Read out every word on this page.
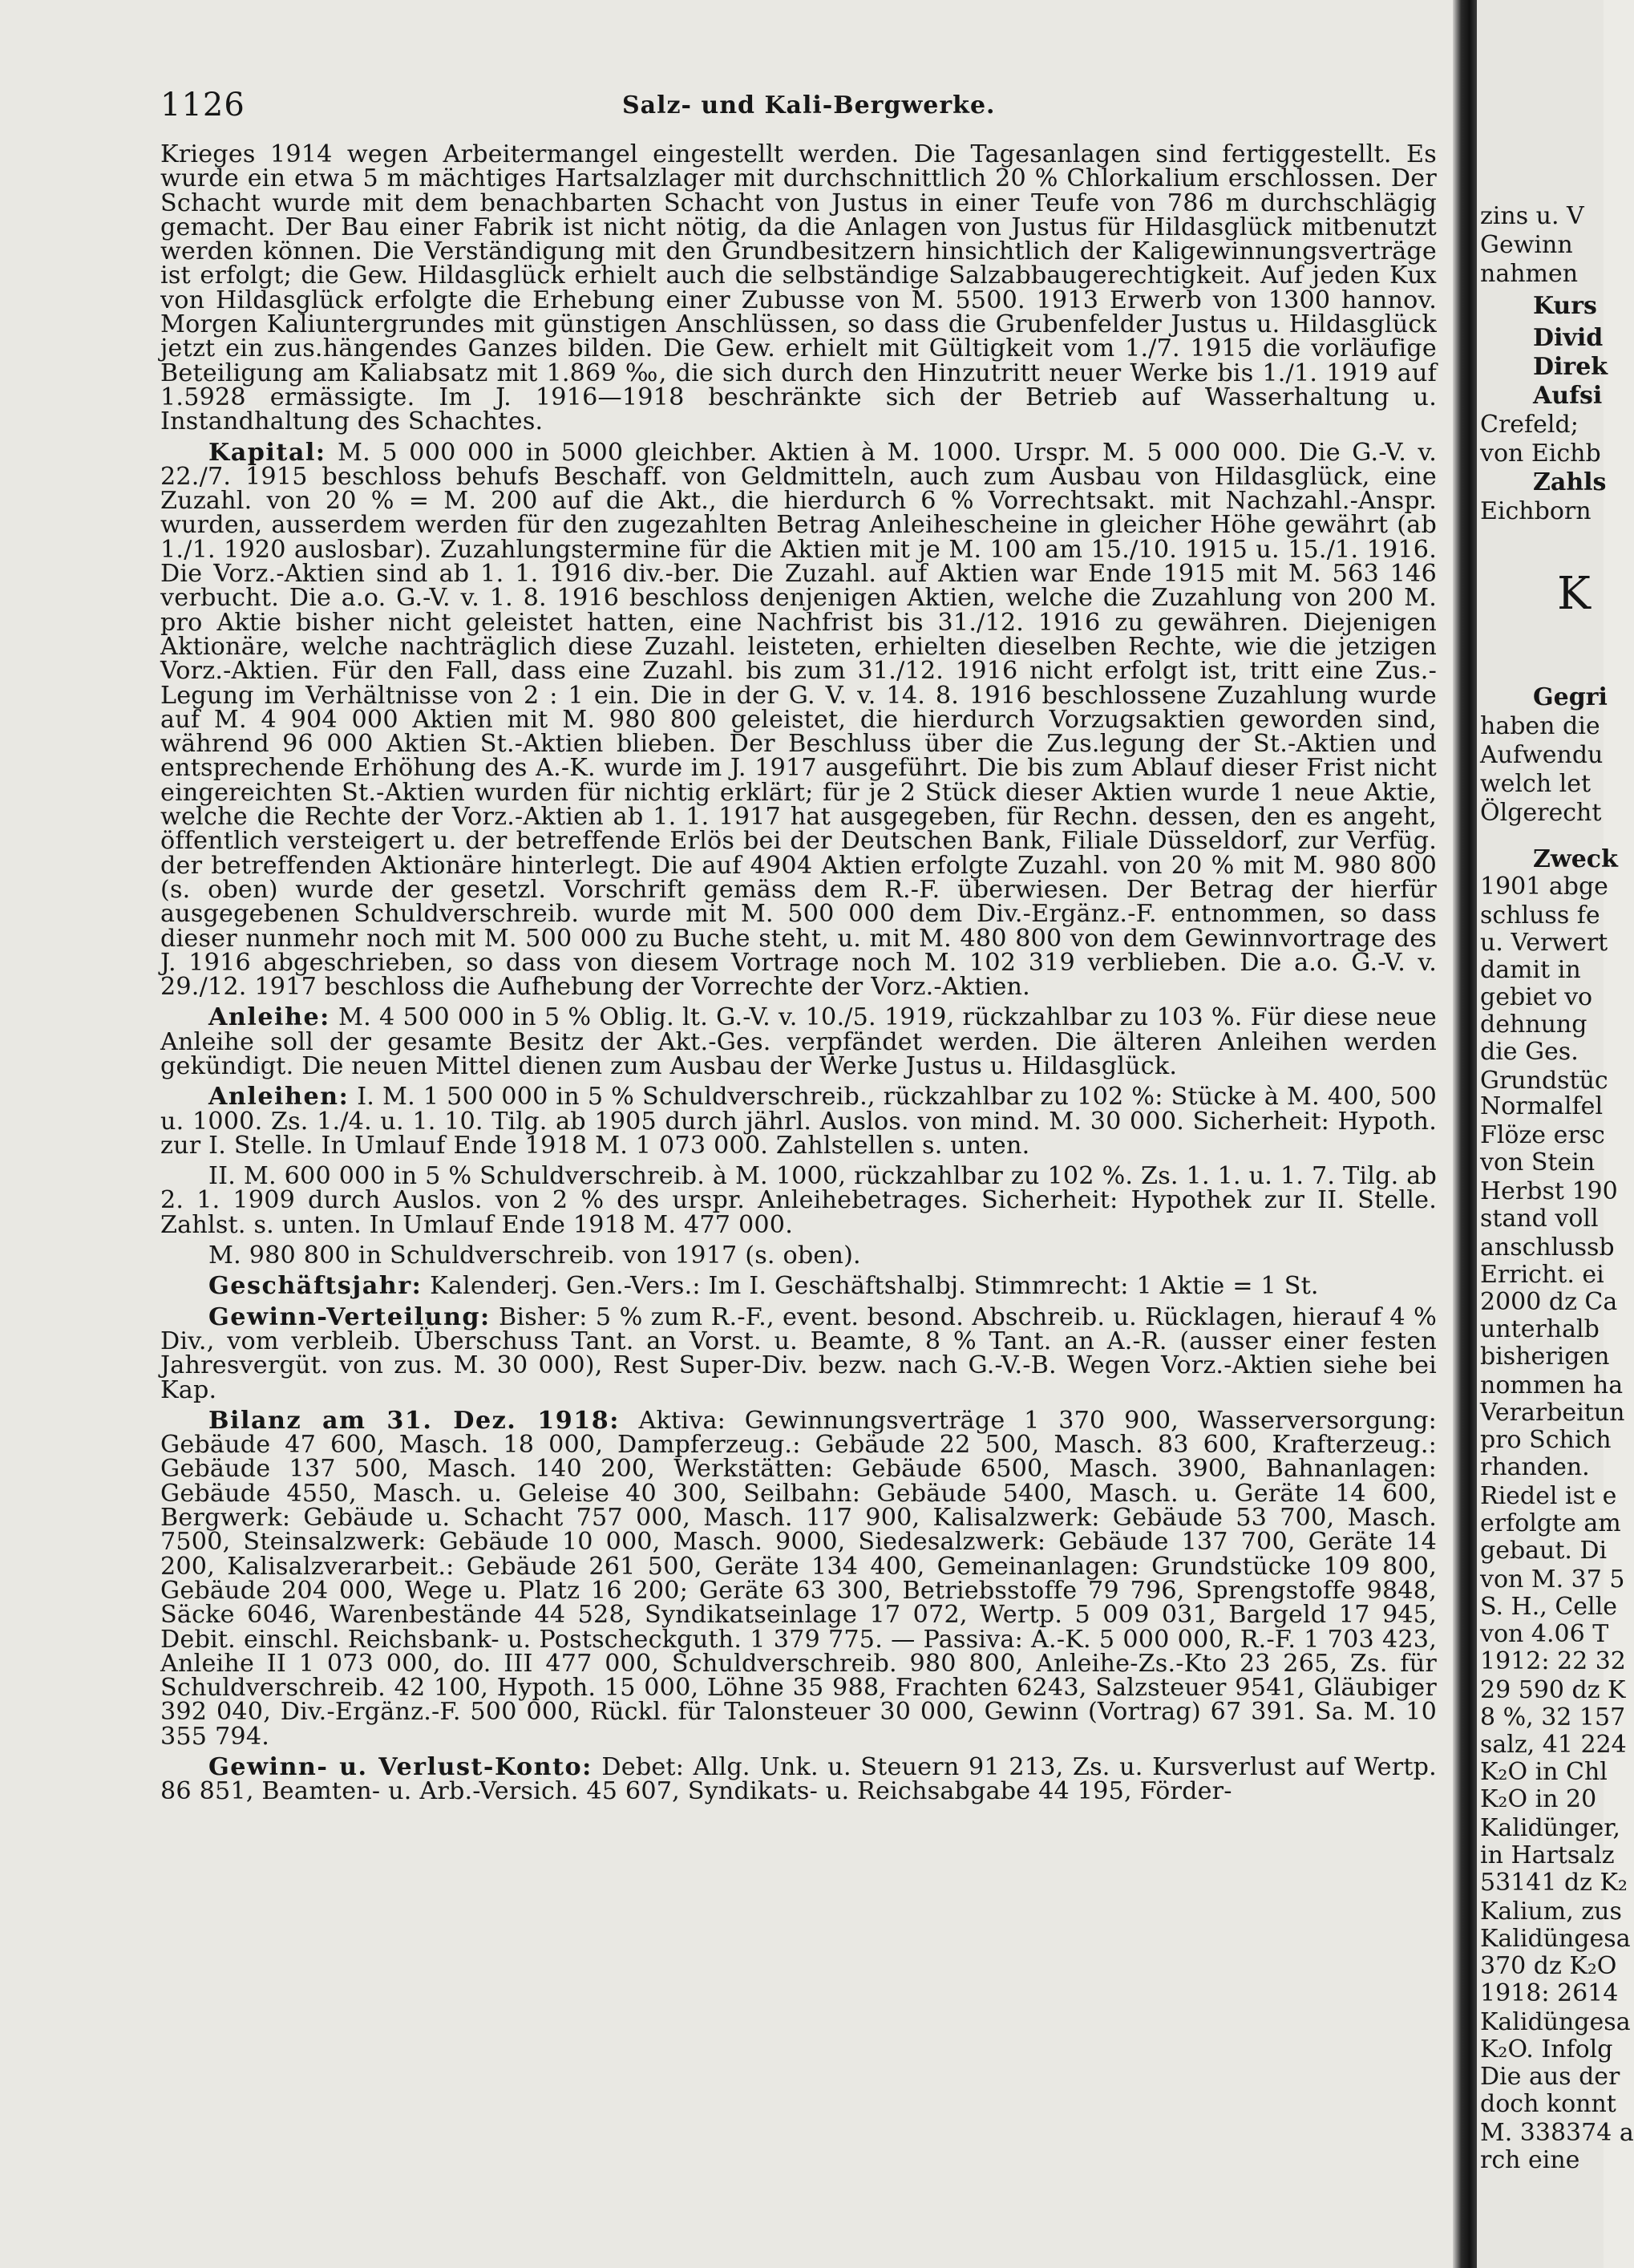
1126	Salz- und Kali-Bergwerke.

Krieges 1914 wegen Arbeitermangel eingestellt werden. Die Tagesanlagen sind fertiggestellt. Es wurde ein etwa 5 m mächtiges Hartsalzlager mit durchschnittlich 20 % Chlorkalium erschlossen. Der Schacht wurde mit dem benachbarten Schacht von Justus in einer Teufe von 786 m durchschlägig gemacht. Der Bau einer Fabrik ist nicht nötig, da die Anlagen von Justus für Hildasglück mitbenutzt werden können. Die Verständigung mit den Grundbesitzern hinsichtlich der Kaligewinnungsverträge ist erfolgt; die Gew. Hildasglück erhielt auch die selbständige Salzabbaugerechtigkeit. Auf jeden Kux von Hildasglück erfolgte die Erhebung einer Zubusse von M. 5500. 1913 Erwerb von 1300 hannov. Morgen Kaliuntergrundes mit günstigen Anschlüssen, so dass die Grubenfelder Justus u. Hildasglück jetzt ein zus.hängendes Ganzes bilden. Die Gew. erhielt mit Gültigkeit vom 1./7. 1915 die vorläufige Beteiligung am Kaliabsatz mit 1.869 ‰, die sich durch den Hinzutritt neuer Werke bis 1./1. 1919 auf 1.5928 ermässigte. Im J. 1916—1918 beschränkte sich der Betrieb auf Wasserhaltung u. Instandhaltung des Schachtes.

Kapital: M. 5 000 000 in 5000 gleichber. Aktien à M. 1000. Urspr. M. 5 000 000. Die G.-V. v. 22./7. 1915 beschloss behufs Beschaff. von Geldmitteln, auch zum Ausbau von Hildasglück, eine Zuzahl. von 20 % = M. 200 auf die Akt., die hierdurch 6 % Vorrechtsakt. mit Nachzahl.-Anspr. wurden, ausserdem werden für den zugezahlten Betrag Anleihescheine in gleicher Höhe gewährt (ab 1./1. 1920 auslosbar). Zuzahlungstermine für die Aktien mit je M. 100 am 15./10. 1915 u. 15./1. 1916. Die Vorz.-Aktien sind ab 1. 1. 1916 div.-ber. Die Zuzahl. auf Aktien war Ende 1915 mit M. 563 146 verbucht. Die a.o. G.-V. v. 1. 8. 1916 beschloss denjenigen Aktien, welche die Zuzahlung von 200 M. pro Aktie bisher nicht geleistet hatten, eine Nachfrist bis 31./12. 1916 zu gewähren. Diejenigen Aktionäre, welche nachträglich diese Zuzahl. leisteten, erhielten dieselben Rechte, wie die jetzigen Vorz.-Aktien. Für den Fall, dass eine Zuzahl. bis zum 31./12. 1916 nicht erfolgt ist, tritt eine Zus.-Legung im Verhältnisse von 2 : 1 ein. Die in der G. V. v. 14. 8. 1916 beschlossene Zuzahlung wurde auf M. 4 904 000 Aktien mit M. 980 800 geleistet, die hierdurch Vorzugsaktien geworden sind, während 96 000 Aktien St.-Aktien blieben. Der Beschluss über die Zus.legung der St.-Aktien und entsprechende Erhöhung des A.-K. wurde im J. 1917 ausgeführt. Die bis zum Ablauf dieser Frist nicht eingereichten St.-Aktien wurden für nichtig erklärt; für je 2 Stück dieser Aktien wurde 1 neue Aktie, welche die Rechte der Vorz.-Aktien ab 1. 1. 1917 hat ausgegeben, für Rechn. dessen, den es angeht, öffentlich versteigert u. der betreffende Erlös bei der Deutschen Bank, Filiale Düsseldorf, zur Verfüg. der betreffenden Aktionäre hinterlegt. Die auf 4904 Aktien erfolgte Zuzahl. von 20 % mit M. 980 800 (s. oben) wurde der gesetzl. Vorschrift gemäss dem R.-F. überwiesen. Der Betrag der hierfür ausgegebenen Schuldverschreib. wurde mit M. 500 000 dem Div.-Ergänz.-F. entnommen, so dass dieser nunmehr noch mit M. 500 000 zu Buche steht, u. mit M. 480 800 von dem Gewinnvortrage des J. 1916 abgeschrieben, so dass von diesem Vortrage noch M. 102 319 verblieben. Die a.o. G.-V. v. 29./12. 1917 beschloss die Aufhebung der Vorrechte der Vorz.-Aktien.

Anleihe: M. 4 500 000 in 5 % Oblig. lt. G.-V. v. 10./5. 1919, rückzahlbar zu 103 %. Für diese neue Anleihe soll der gesamte Besitz der Akt.-Ges. verpfändet werden. Die älteren Anleihen werden gekündigt. Die neuen Mittel dienen zum Ausbau der Werke Justus u. Hildasglück.

Anleihen: I. M. 1 500 000 in 5 % Schuldverschreib., rückzahlbar zu 102 %: Stücke à M. 400, 500 u. 1000. Zs. 1./4. u. 1. 10. Tilg. ab 1905 durch jährl. Auslos. von mind. M. 30 000. Sicherheit: Hypoth. zur I. Stelle. In Umlauf Ende 1918 M. 1 073 000. Zahlstellen s. unten.

II. M. 600 000 in 5 % Schuldverschreib. à M. 1000, rückzahlbar zu 102 %. Zs. 1. 1. u. 1. 7. Tilg. ab 2. 1. 1909 durch Auslos. von 2 % des urspr. Anleihebetrages. Sicherheit: Hypothek zur II. Stelle. Zahlst. s. unten. In Umlauf Ende 1918 M. 477 000.

M. 980 800 in Schuldverschreib. von 1917 (s. oben).

Geschäftsjahr: Kalenderj. Gen.-Vers.: Im I. Geschäftshalbj. Stimmrecht: 1 Aktie = 1 St.

Gewinn-Verteilung: Bisher: 5 % zum R.-F., event. besond. Abschreib. u. Rücklagen, hierauf 4 % Div., vom verbleib. Überschuss Tant. an Vorst. u. Beamte, 8 % Tant. an A.-R. (ausser einer festen Jahresvergüt. von zus. M. 30 000), Rest Super-Div. bezw. nach G.-V.-B. Wegen Vorz.-Aktien siehe bei Kap.

Bilanz am 31. Dez. 1918: Aktiva: Gewinnungsverträge 1 370 900, Wasserversorgung: Gebäude 47 600, Masch. 18 000, Dampferzeug.: Gebäude 22 500, Masch. 83 600, Krafterzeug.: Gebäude 137 500, Masch. 140 200, Werkstätten: Gebäude 6500, Masch. 3900, Bahnanlagen: Gebäude 4550, Masch. u. Geleise 40 300, Seilbahn: Gebäude 5400, Masch. u. Geräte 14 600, Bergwerk: Gebäude u. Schacht 757 000, Masch. 117 900, Kalisalzwerk: Gebäude 53 700, Masch. 7500, Steinsalzwerk: Gebäude 10 000, Masch. 9000, Siedesalzwerk: Gebäude 137 700, Geräte 14 200, Kalisalzverarbeit.: Gebäude 261 500, Geräte 134 400, Gemeinanlagen: Grundstücke 109 800, Gebäude 204 000, Wege u. Platz 16 200; Geräte 63 300, Betriebsstoffe 79 796, Sprengstoffe 9848, Säcke 6046, Warenbestände 44 528, Syndikatseinlage 17 072, Wertp. 5 009 031, Bargeld 17 945, Debit. einschl. Reichsbank- u. Postscheckguth. 1 379 775. — Passiva: A.-K. 5 000 000, R.-F. 1 703 423, Anleihe II 1 073 000, do. III 477 000, Schuldverschreib. 980 800, Anleihe-Zs.-Kto 23 265, Zs. für Schuldverschreib. 42 100, Hypoth. 15 000, Löhne 35 988, Frachten 6243, Salzsteuer 9541, Gläubiger 392 040, Div.-Ergänz.-F. 500 000, Rückl. für Talonsteuer 30 000, Gewinn (Vortrag) 67 391. Sa. M. 10 355 794.

Gewinn- u. Verlust-Konto: Debet: Allg. Unk. u. Steuern 91 213, Zs. u. Kursverlust auf Wertp. 86 851, Beamten- u. Arb.-Versich. 45 607, Syndikats- u. Reichsabgabe 44 195, Förder-

zins u. V
Gewinn
nahmen
Kurs
Divid
Direk
Aufsi
Crefeld;
von Eichb
Zahls
Eichborn
K
Gegri
haben die
Aufwendu
welch let
Ölgerecht
Zweck
1901 abge
schluss fe
u. Verwert
damit in
gebiet vo
dehnung
die Ges.
Grundstüc
Normalfel
Flöze ersc
von Stein
Herbst 190
stand voll
anschlussb
Erricht. ei
2000 dz Ca
unterhalb
bisherigen
nommen ha
Verarbeitun
pro Schich
rhanden.
Riedel ist e
erfolgte am
gebaut. Di
von M. 37 5
S. H., Celle
von 4.06 T
1912: 22 32
29 590 dz K
8 %, 32 157
salz, 41 224
K₂O in Chl
K₂O in 20
Kalidünger,
in Hartsalz
53141 dz K₂
Kalium, zus
Kalidüngesa
370 dz K₂O
1918: 2614
Kalidüngesa
K₂O. Infolg
Die aus der
doch konnt
M. 338374 a
rch eine
